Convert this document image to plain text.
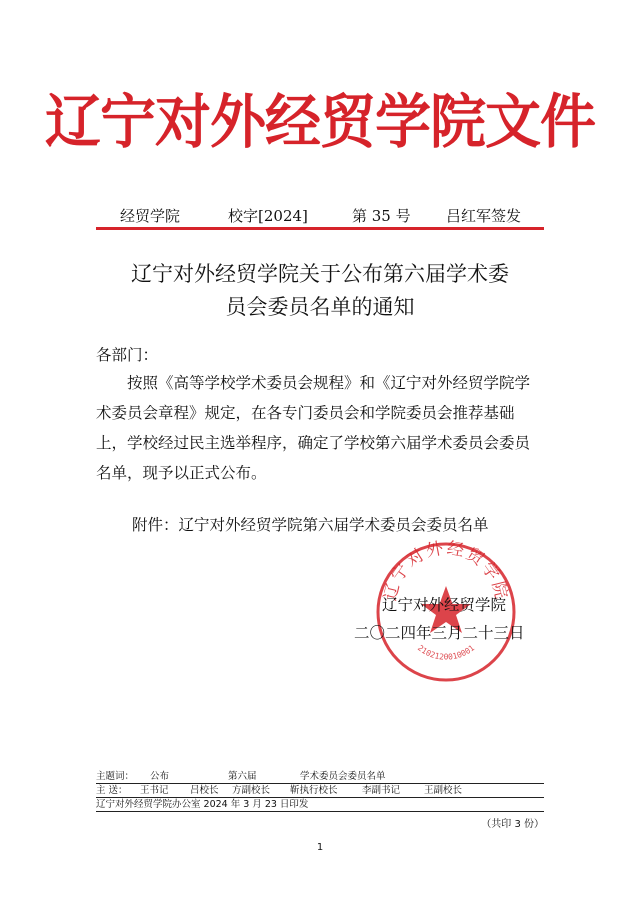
辽宁对外经贸学院文件
经贸学院	校字[2024]	第 35 号 吕红军签发
辽宁对外经贸学院关于公布第六届学术委
员会委员名单的通知
各部门：
按照《高等学校学术委员会规程》和《辽宁对外经贸学院学术委员会章程》规定，在各专门委员会和学院委员会推荐基础上，学校经过民主选举程序，确定了学校第六届学术委员会委员名单，现予以正式公布。
附件：辽宁对外经贸学院第六届学术委员会委员名单
辽宁对外经贸学院
2102120010001
辽宁对外经贸学院
二〇二四年三月二十三日
主题词： 公布	第六届	学术委员会委员名单
主 送： 王书记 吕校长 方副校长 靳执行校长	李副书记	王副校长
辽宁对外经贸学院办公室 2024 年 3 月 23 日印发
（共印 3 份）
1
